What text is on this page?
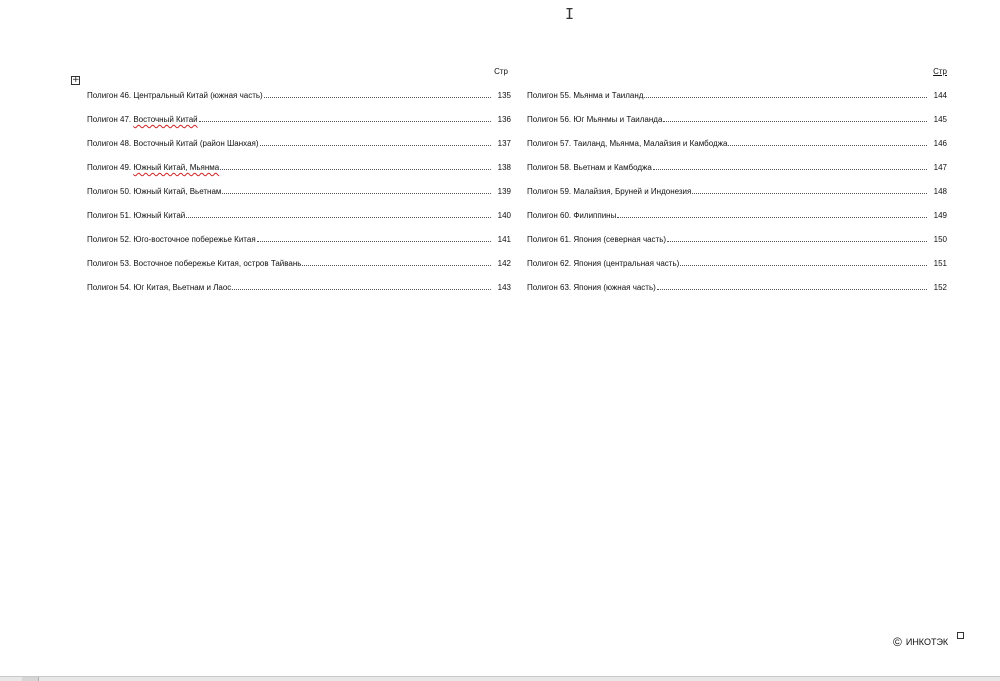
I
+
Стр
Полигон 46. Центральный Китай (южная часть)	135
Полигон 47. Восточный Китай	136
Полигон 48. Восточный Китай (район Шанхая)	137
Полигон 49. Южный Китай, Мьянма	138
Полигон 50. Южный Китай, Вьетнам	139
Полигон 51. Южный Китай	140
Полигон 52. Юго-восточное побережье Китая	141
Полигон 53. Восточное побережье Китая, остров Тайвань	142
Полигон 54. Юг Китая, Вьетнам и Лаос	143
Стр
Полигон 55. Мьянма и Таиланд	144
Полигон 56. Юг Мьянмы и Таиланда	145
Полигон 57. Таиланд, Мьянма, Малайзия и Камбоджа	146
Полигон 58. Вьетнам и Камбоджа	147
Полигон 59. Малайзия, Бруней и Индонезия	148
Полигон 60. Филиппины	149
Полигон 61. Япония (северная часть)	150
Полигон 62. Япония (центральная часть)	151
Полигон 63. Япония (южная часть)	152
© ИНКОТЭК
